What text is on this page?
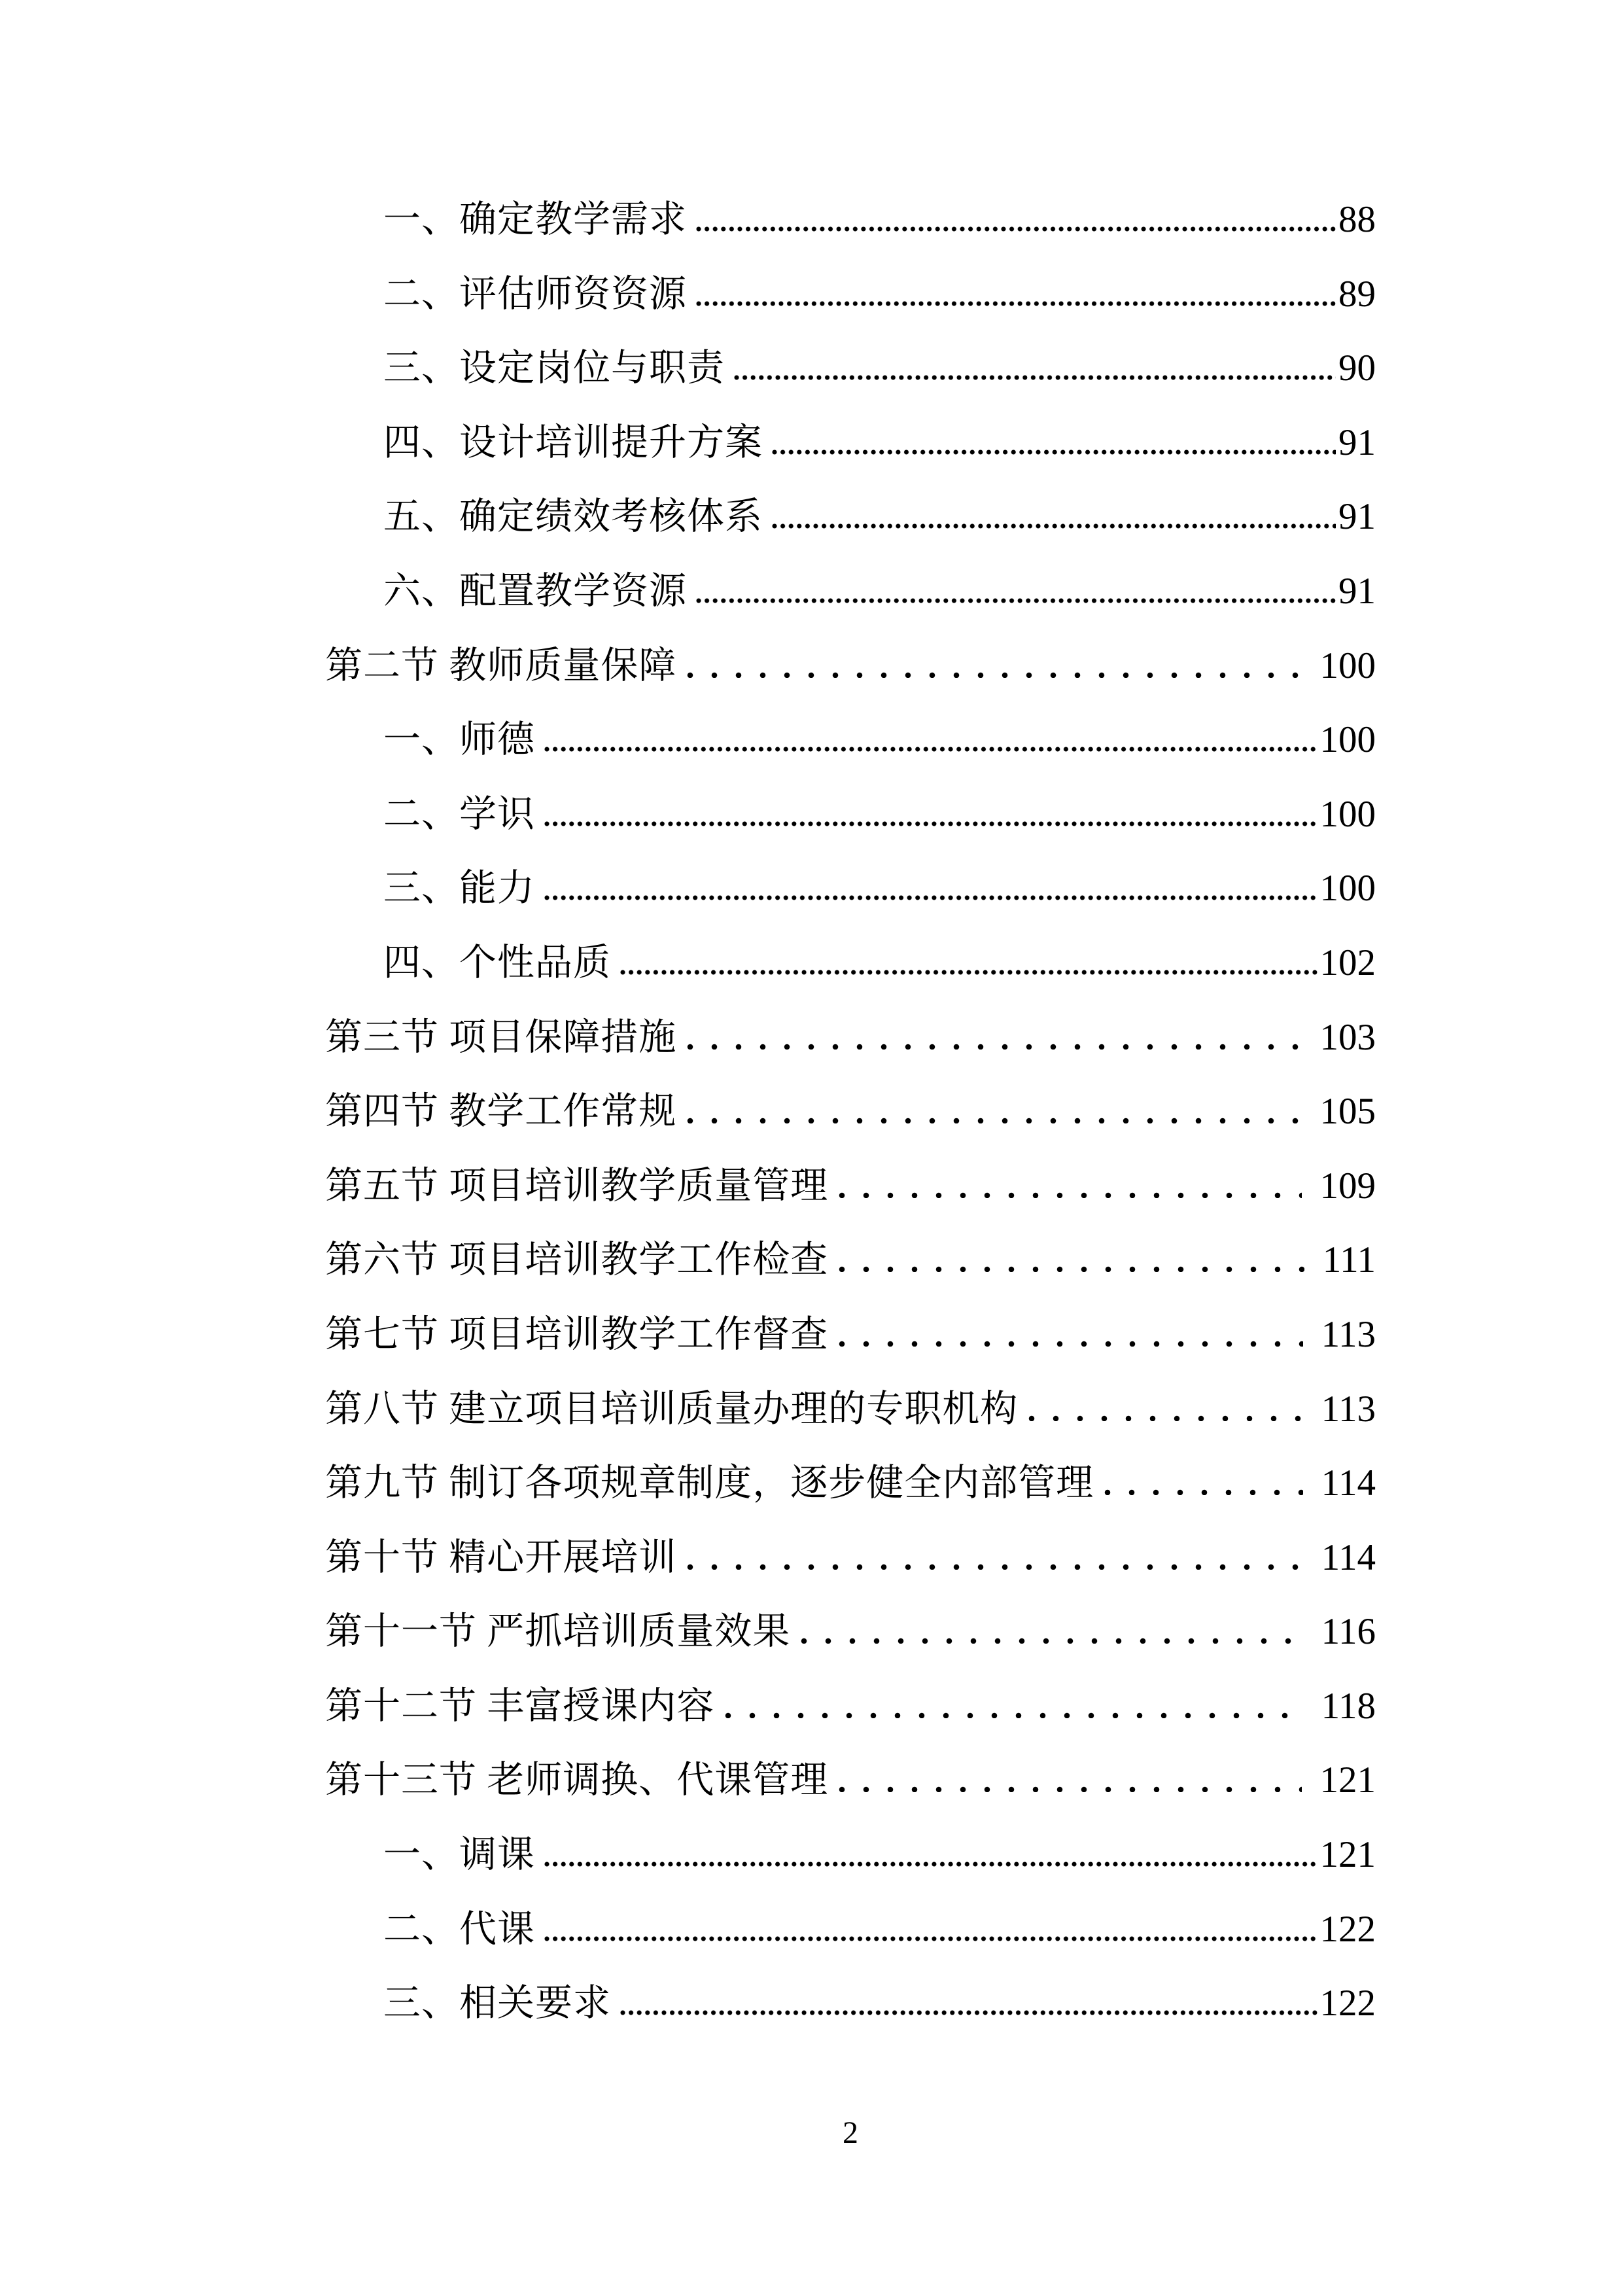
一、确定教学需求	88
二、评估师资资源	89
三、设定岗位与职责	90
四、设计培训提升方案	91
五、确定绩效考核体系	91
六、配置教学资源	91
第二节 教师质量保障	100
一、师德	100
二、学识	100
三、能力	100
四、个性品质	102
第三节 项目保障措施	103
第四节 教学工作常规	105
第五节 项目培训教学质量管理	109
第六节 项目培训教学工作检查	111
第七节 项目培训教学工作督查	113
第八节 建立项目培训质量办理的专职机构	113
第九节 制订各项规章制度，逐步健全内部管理	114
第十节 精心开展培训	114
第十一节 严抓培训质量效果	116
第十二节 丰富授课内容	118
第十三节 老师调换、代课管理	121
一、调课	121
二、代课	122
三、相关要求	122
2
